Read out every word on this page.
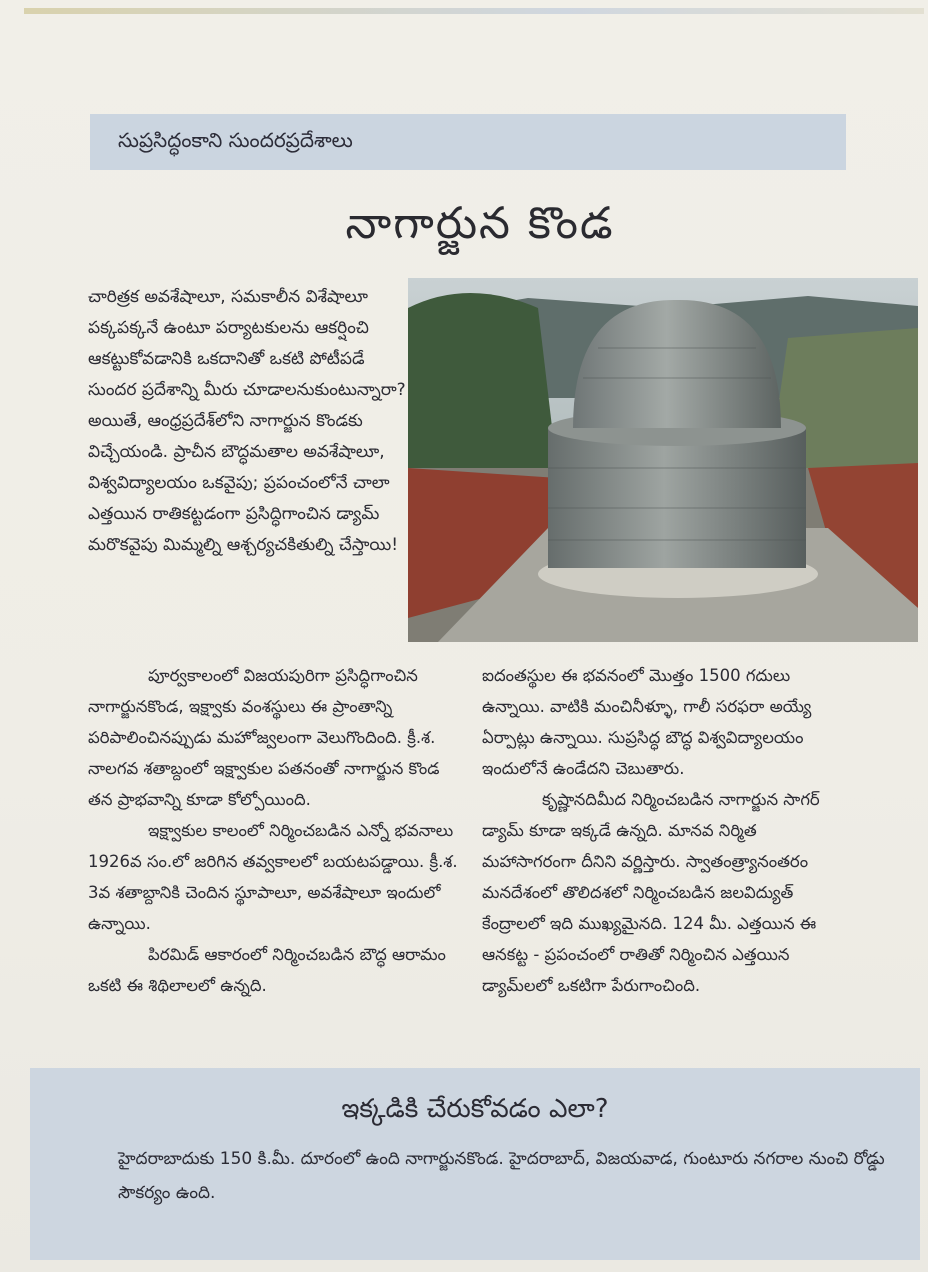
సుప్రసిద్ధంకాని సుందరప్రదేశాలు
నాగార్జున కొండ
చారిత్రక అవశేషాలూ, సమకాలీన విశేషాలూ పక్కపక్కనే ఉంటూ పర్యాటకులను ఆకర్షించి ఆకట్టుకోవడానికి ఒకదానితో ఒకటి పోటీపడే సుందర ప్రదేశాన్ని మీరు చూడాలనుకుంటున్నారా? అయితే, ఆంధ్రప్రదేశ్‌లోని నాగార్జున కొండకు విచ్చేయండి. ప్రాచీన బౌద్ధమతాల అవశేషాలూ, విశ్వవిద్యాలయం ఒకవైపు; ప్రపంచంలోనే చాలా ఎత్తయిన రాతికట్టడంగా ప్రసిద్ధిగాంచిన డ్యామ్ మరొకవైపు మిమ్మల్ని ఆశ్చర్యచకితుల్ని చేస్తాయి!

పూర్వకాలంలో విజయపురిగా ప్రసిద్ధిగాంచిన నాగార్జునకొండ, ఇక్ష్వాకు వంశస్థులు ఈ ప్రాంతాన్ని పరిపాలించినప్పుడు మహోజ్వలంగా వెలుగొందింది. క్రీ.శ. నాలగవ శతాబ్దంలో ఇక్ష్వాకుల పతనంతో నాగార్జున కొండ తన ప్రాభవాన్ని కూడా కోల్పోయింది.

ఇక్ష్వాకుల కాలంలో నిర్మించబడిన ఎన్నో భవనాలు 1926వ సం.లో జరిగిన తవ్వకాలలో బయటపడ్డాయి. క్రీ.శ. 3వ శతాబ్దానికి చెందిన స్థూపాలూ, అవశేషాలూ ఇందులో ఉన్నాయి.

పిరమిడ్ ఆకారంలో నిర్మించబడిన బౌద్ధ ఆరామం ఒకటి ఈ శిథిలాలలో ఉన్నది.

ఐదంతస్థుల ఈ భవనంలో మొత్తం 1500 గదులు ఉన్నాయి. వాటికి మంచినీళ్ళూ, గాలీ సరఫరా అయ్యే ఏర్పాట్లు ఉన్నాయి. సుప్రసిద్ధ బౌద్ధ విశ్వవిద్యాలయం ఇందులోనే ఉండేదని చెబుతారు.

కృష్ణానదిమీద నిర్మించబడిన నాగార్జున సాగర్ డ్యామ్ కూడా ఇక్కడే ఉన్నది. మానవ నిర్మిత మహాసాగరంగా దీనిని వర్ణిస్తారు. స్వాతంత్ర్యానంతరం మనదేశంలో తొలిదశలో నిర్మించబడిన జలవిద్యుత్ కేంద్రాలలో ఇది ముఖ్యమైనది. 124 మీ. ఎత్తయిన ఈ ఆనకట్ట - ప్రపంచంలో రాతితో నిర్మించిన ఎత్తయిన డ్యామ్‌లలో ఒకటిగా పేరుగాంచింది.

ఇక్కడికి చేరుకోవడం ఎలా?
హైదరాబాదుకు 150 కి.మీ. దూరంలో ఉంది నాగార్జునకొండ. హైదరాబాద్, విజయవాడ, గుంటూరు నగరాల నుంచి రోడ్డు సౌకర్యం ఉంది.
